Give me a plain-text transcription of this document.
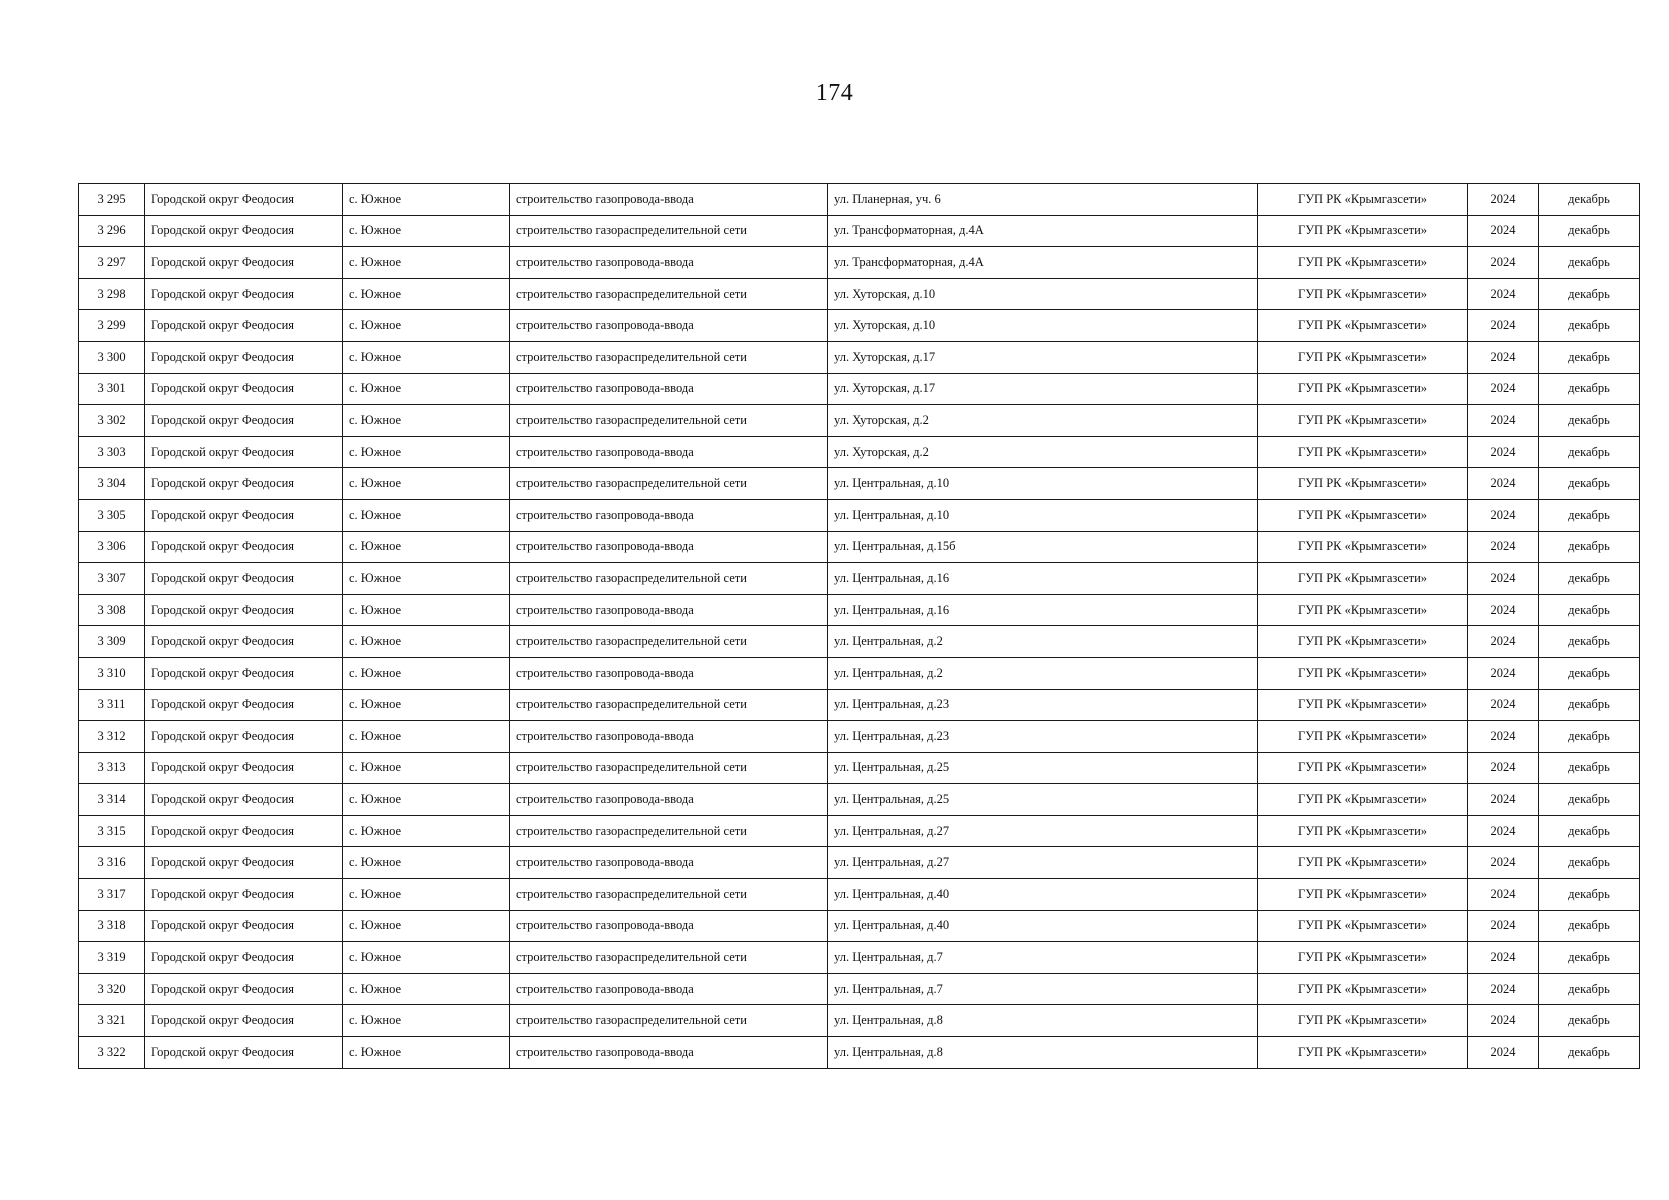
174
3 295	Городской округ Феодосия	с. Южное	строительство газопровода-ввода	ул. Планерная, уч. 6	ГУП РК «Крымгазсети»	2024	декабрь
3 296	Городской округ Феодосия	с. Южное	строительство газораспределительной сети	ул. Трансформаторная, д.4А	ГУП РК «Крымгазсети»	2024	декабрь
3 297	Городской округ Феодосия	с. Южное	строительство газопровода-ввода	ул. Трансформаторная, д.4А	ГУП РК «Крымгазсети»	2024	декабрь
3 298	Городской округ Феодосия	с. Южное	строительство газораспределительной сети	ул. Хуторская, д.10	ГУП РК «Крымгазсети»	2024	декабрь
3 299	Городской округ Феодосия	с. Южное	строительство газопровода-ввода	ул. Хуторская, д.10	ГУП РК «Крымгазсети»	2024	декабрь
3 300	Городской округ Феодосия	с. Южное	строительство газораспределительной сети	ул. Хуторская, д.17	ГУП РК «Крымгазсети»	2024	декабрь
3 301	Городской округ Феодосия	с. Южное	строительство газопровода-ввода	ул. Хуторская, д.17	ГУП РК «Крымгазсети»	2024	декабрь
3 302	Городской округ Феодосия	с. Южное	строительство газораспределительной сети	ул. Хуторская, д.2	ГУП РК «Крымгазсети»	2024	декабрь
3 303	Городской округ Феодосия	с. Южное	строительство газопровода-ввода	ул. Хуторская, д.2	ГУП РК «Крымгазсети»	2024	декабрь
3 304	Городской округ Феодосия	с. Южное	строительство газораспределительной сети	ул. Центральная, д.10	ГУП РК «Крымгазсети»	2024	декабрь
3 305	Городской округ Феодосия	с. Южное	строительство газопровода-ввода	ул. Центральная, д.10	ГУП РК «Крымгазсети»	2024	декабрь
3 306	Городской округ Феодосия	с. Южное	строительство газопровода-ввода	ул. Центральная, д.15б	ГУП РК «Крымгазсети»	2024	декабрь
3 307	Городской округ Феодосия	с. Южное	строительство газораспределительной сети	ул. Центральная, д.16	ГУП РК «Крымгазсети»	2024	декабрь
3 308	Городской округ Феодосия	с. Южное	строительство газопровода-ввода	ул. Центральная, д.16	ГУП РК «Крымгазсети»	2024	декабрь
3 309	Городской округ Феодосия	с. Южное	строительство газораспределительной сети	ул. Центральная, д.2	ГУП РК «Крымгазсети»	2024	декабрь
3 310	Городской округ Феодосия	с. Южное	строительство газопровода-ввода	ул. Центральная, д.2	ГУП РК «Крымгазсети»	2024	декабрь
3 311	Городской округ Феодосия	с. Южное	строительство газораспределительной сети	ул. Центральная, д.23	ГУП РК «Крымгазсети»	2024	декабрь
3 312	Городской округ Феодосия	с. Южное	строительство газопровода-ввода	ул. Центральная, д.23	ГУП РК «Крымгазсети»	2024	декабрь
3 313	Городской округ Феодосия	с. Южное	строительство газораспределительной сети	ул. Центральная, д.25	ГУП РК «Крымгазсети»	2024	декабрь
3 314	Городской округ Феодосия	с. Южное	строительство газопровода-ввода	ул. Центральная, д.25	ГУП РК «Крымгазсети»	2024	декабрь
3 315	Городской округ Феодосия	с. Южное	строительство газораспределительной сети	ул. Центральная, д.27	ГУП РК «Крымгазсети»	2024	декабрь
3 316	Городской округ Феодосия	с. Южное	строительство газопровода-ввода	ул. Центральная, д.27	ГУП РК «Крымгазсети»	2024	декабрь
3 317	Городской округ Феодосия	с. Южное	строительство газораспределительной сети	ул. Центральная, д.40	ГУП РК «Крымгазсети»	2024	декабрь
3 318	Городской округ Феодосия	с. Южное	строительство газопровода-ввода	ул. Центральная, д.40	ГУП РК «Крымгазсети»	2024	декабрь
3 319	Городской округ Феодосия	с. Южное	строительство газораспределительной сети	ул. Центральная, д.7	ГУП РК «Крымгазсети»	2024	декабрь
3 320	Городской округ Феодосия	с. Южное	строительство газопровода-ввода	ул. Центральная, д.7	ГУП РК «Крымгазсети»	2024	декабрь
3 321	Городской округ Феодосия	с. Южное	строительство газораспределительной сети	ул. Центральная, д.8	ГУП РК «Крымгазсети»	2024	декабрь
3 322	Городской округ Феодосия	с. Южное	строительство газопровода-ввода	ул. Центральная, д.8	ГУП РК «Крымгазсети»	2024	декабрь
